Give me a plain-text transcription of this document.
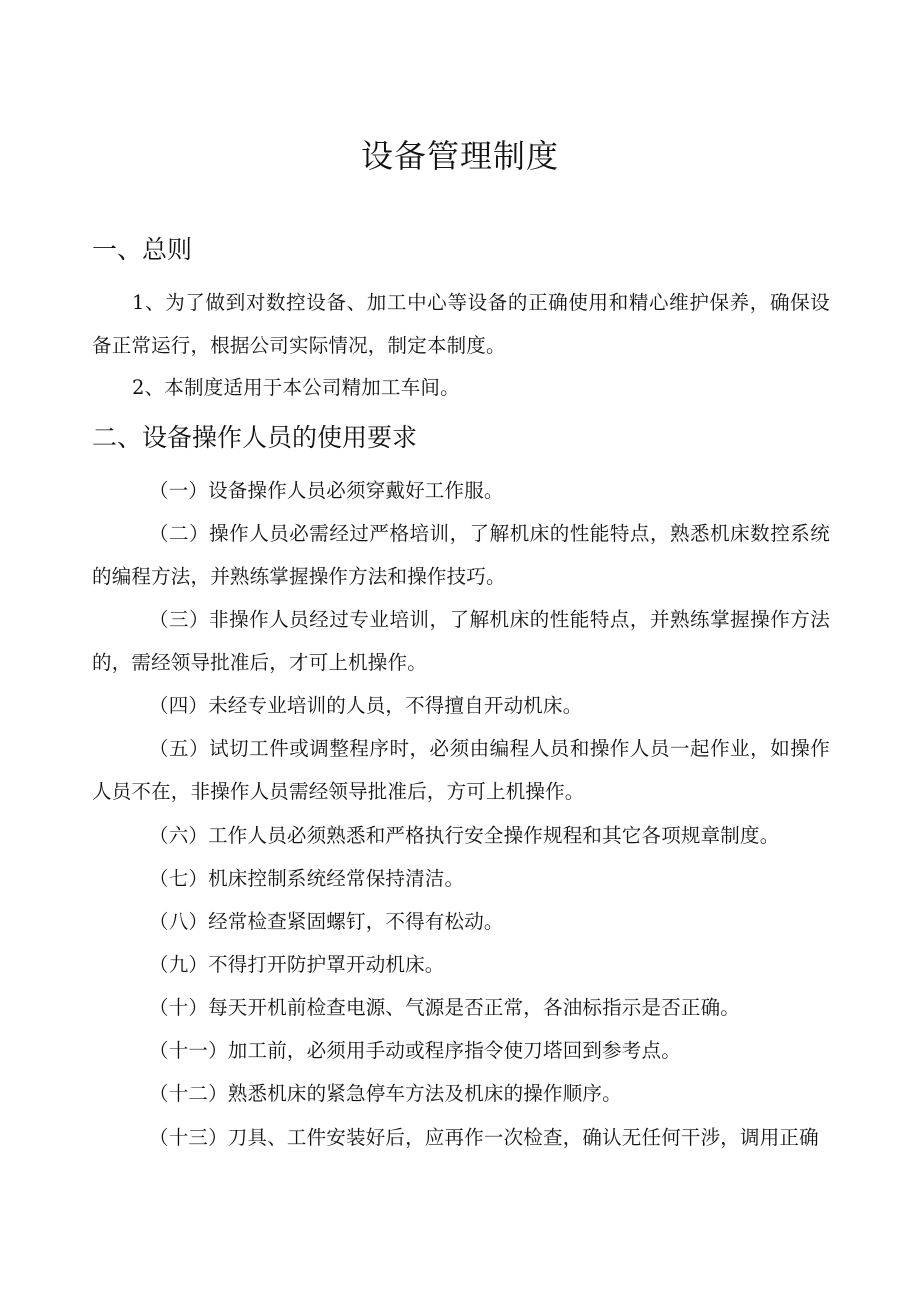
设备管理制度
一、总则
1、为了做到对数控设备、加工中心等设备的正确使用和精心维护保养，确保设备正常运行，根据公司实际情况，制定本制度。
2、本制度适用于本公司精加工车间。
二、设备操作人员的使用要求
（一）设备操作人员必须穿戴好工作服。
（二）操作人员必需经过严格培训，了解机床的性能特点，熟悉机床数控系统的编程方法，并熟练掌握操作方法和操作技巧。
（三）非操作人员经过专业培训，了解机床的性能特点，并熟练掌握操作方法的，需经领导批准后，才可上机操作。
（四）未经专业培训的人员，不得擅自开动机床。
（五）试切工件或调整程序时，必须由编程人员和操作人员一起作业，如操作人员不在，非操作人员需经领导批准后，方可上机操作。
（六）工作人员必须熟悉和严格执行安全操作规程和其它各项规章制度。
（七）机床控制系统经常保持清洁。
（八）经常检查紧固螺钉，不得有松动。
（九）不得打开防护罩开动机床。
（十）每天开机前检查电源、气源是否正常，各油标指示是否正确。
（十一）加工前，必须用手动或程序指令使刀塔回到参考点。
（十二）熟悉机床的紧急停车方法及机床的操作顺序。
（十三）刀具、工件安装好后，应再作一次检查，确认无任何干涉，调用正确
